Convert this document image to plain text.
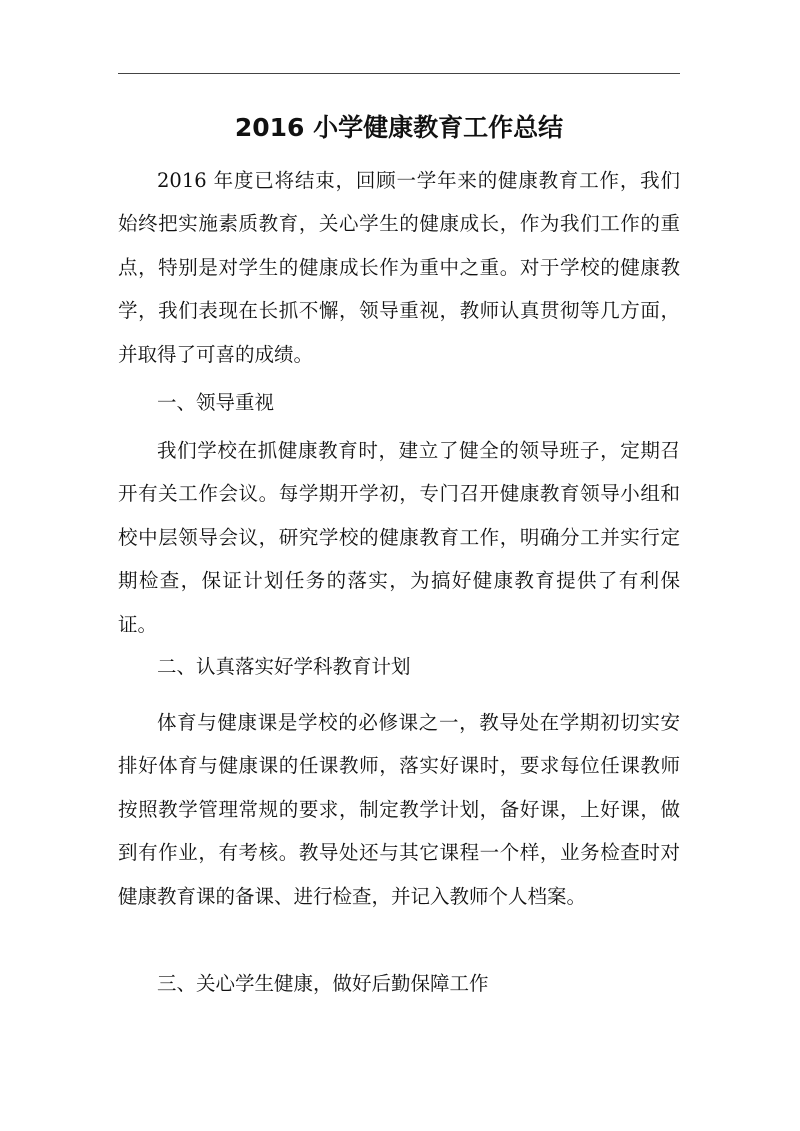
2016 小学健康教育工作总结

2016 年度已将结束，回顾一学年来的健康教育工作，我们始终把实施素质教育，关心学生的健康成长，作为我们工作的重点，特别是对学生的健康成长作为重中之重。对于学校的健康教学，我们表现在长抓不懈，领导重视，教师认真贯彻等几方面，并取得了可喜的成绩。

一、领导重视

我们学校在抓健康教育时，建立了健全的领导班子，定期召开有关工作会议。每学期开学初，专门召开健康教育领导小组和校中层领导会议，研究学校的健康教育工作，明确分工并实行定期检查，保证计划任务的落实，为搞好健康教育提供了有利保证。

二、认真落实好学科教育计划

体育与健康课是学校的必修课之一，教导处在学期初切实安排好体育与健康课的任课教师，落实好课时，要求每位任课教师按照教学管理常规的要求，制定教学计划，备好课，上好课，做到有作业，有考核。教导处还与其它课程一个样，业务检查时对健康教育课的备课、进行检查，并记入教师个人档案。

三、关心学生健康，做好后勤保障工作
